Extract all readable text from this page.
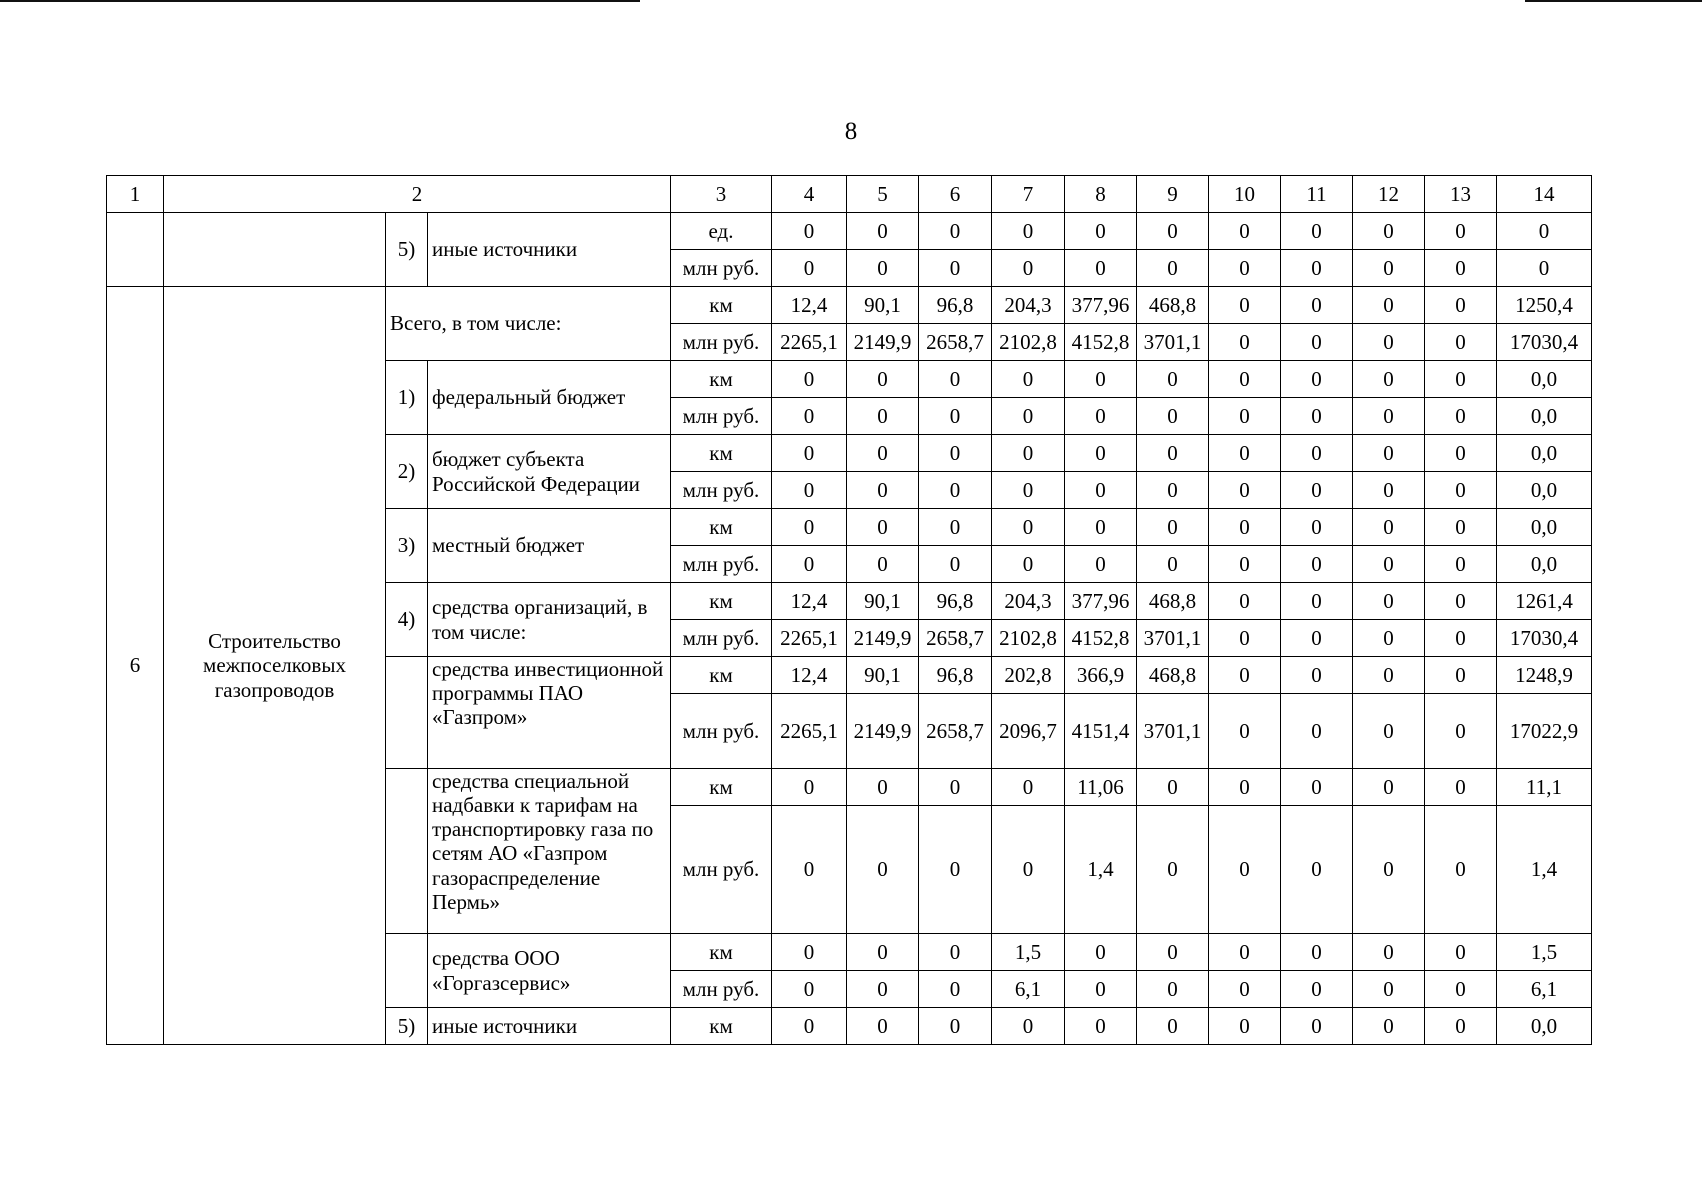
8
1	2			3	4	5	6	7	8	9	10	11	12	13	14
		5)	иные источники	ед.	0	0	0	0	0	0	0	0	0	0	0
				млн руб.	0	0	0	0	0	0	0	0	0	0	0
6	Строительство межпоселковых газопроводов	Всего, в том числе:		км	12,4	90,1	96,8	204,3	377,96	468,8	0	0	0	0	1250,4
				млн руб.	2265,1	2149,9	2658,7	2102,8	4152,8	3701,1	0	0	0	0	17030,4
		1)	федеральный бюджет	км	0	0	0	0	0	0	0	0	0	0	0,0
				млн руб.	0	0	0	0	0	0	0	0	0	0	0,0
		2)	бюджет субъекта Российской Федерации	км	0	0	0	0	0	0	0	0	0	0	0,0
				млн руб.	0	0	0	0	0	0	0	0	0	0	0,0
		3)	местный бюджет	км	0	0	0	0	0	0	0	0	0	0	0,0
				млн руб.	0	0	0	0	0	0	0	0	0	0	0,0
		4)	средства организаций, в том числе:	км	12,4	90,1	96,8	204,3	377,96	468,8	0	0	0	0	1261,4
				млн руб.	2265,1	2149,9	2658,7	2102,8	4152,8	3701,1	0	0	0	0	17030,4
			средства инвестиционной программы ПАО «Газпром»	км	12,4	90,1	96,8	202,8	366,9	468,8	0	0	0	0	1248,9
				млн руб.	2265,1	2149,9	2658,7	2096,7	4151,4	3701,1	0	0	0	0	17022,9
			средства специальной надбавки к тарифам на транспортировку газа по сетям АО «Газпром газораспределение Пермь»	км	0	0	0	0	11,06	0	0	0	0	0	11,1
				млн руб.	0	0	0	0	1,4	0	0	0	0	0	1,4
			средства ООО «Горгазсервис»	км	0	0	0	1,5	0	0	0	0	0	0	1,5
				млн руб.	0	0	0	6,1	0	0	0	0	0	0	6,1
		5)	иные источники	км	0	0	0	0	0	0	0	0	0	0	0,0
